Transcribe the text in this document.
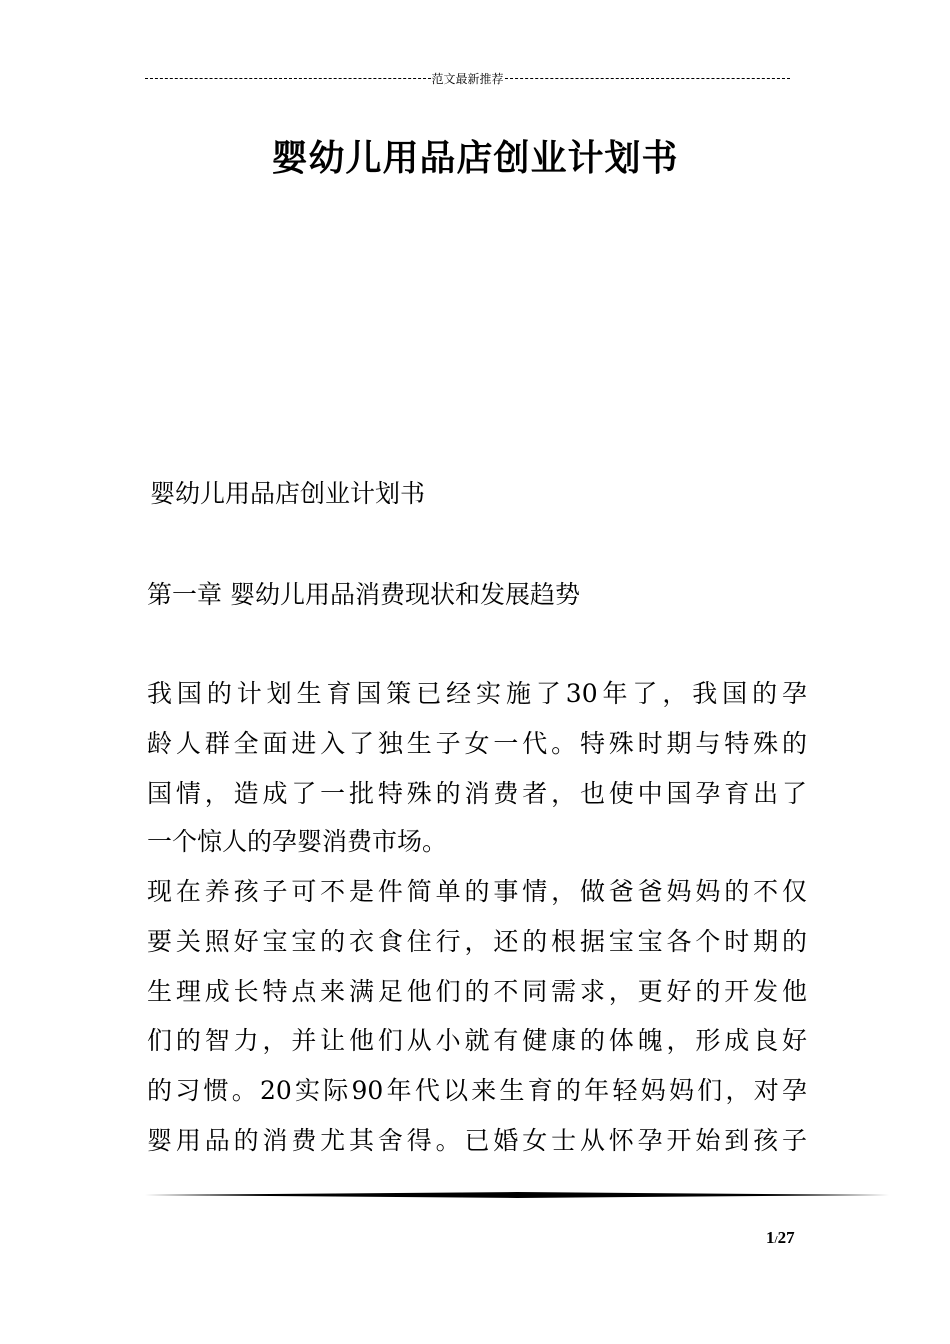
范文最新推荐
婴幼儿用品店创业计划书
婴幼儿用品店创业计划书
第一章 婴幼儿用品消费现状和发展趋势
我国的计划生育国策已经实施了30年了，我国的孕
龄人群全面进入了独生子女一代。特殊时期与特殊的
国情，造成了一批特殊的消费者，也使中国孕育出了
一个惊人的孕婴消费市场。
现在养孩子可不是件简单的事情，做爸爸妈妈的不仅
要关照好宝宝的衣食住行，还的根据宝宝各个时期的
生理成长特点来满足他们的不同需求，更好的开发他
们的智力，并让他们从小就有健康的体魄，形成良好
的习惯。20实际90年代以来生育的年轻妈妈们，对孕
婴用品的消费尤其舍得。已婚女士从怀孕开始到孩子
1/27
